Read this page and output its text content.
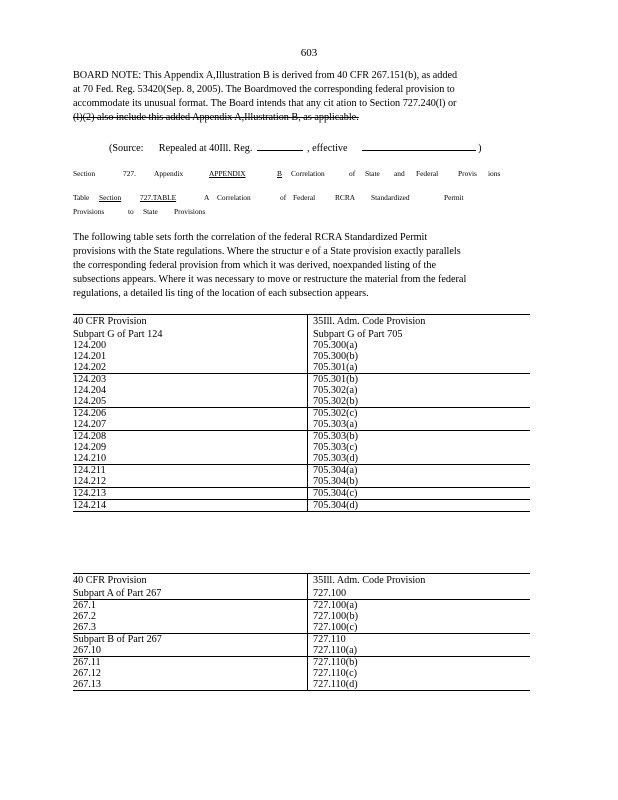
603
BOARD NOTE: This Appendix A,Illustration B is derived from 40 CFR 267.151(b), as added
at 70 Fed. Reg. 53420(Sep. 8, 2005). The Boardmoved the corresponding federal provision to
accommodate its unusual format. The Board intends that any cit ation to Section 727.240(l) or
(l)(2) also include this added Appendix A,Illustration B, as applicable.
(Source: Repealed at 40Ill. Reg.	, effective	)
Section	727. Appendix	APPENDIX	B Correlation	of State and Federal	Provis ions
Table Section	727.TABLE	A Correlation	of Federal	RCRA Standardized	Permit
Provisions	to State Provisions
The following table sets forth the correlation of the federal RCRA Standardized Permit
provisions with the State regulations. Where the structur e of a State provision exactly parallels
the corresponding federal provision from which it was derived, noexpanded listing of the
subsections appears. Where it was necessary to move or restructure the material from the federal
regulations, a detailed lis ting of the location of each subsection appears.
40 CFR Provision	35Ill. Adm. Code Provision
Subpart G of Part 124	Subpart G of Part 705
124.200	705.300(a)
124.201	705.300(b)
124.202	705.301(a)
124.203	705.301(b)
124.204	705.302(a)
124.205	705.302(b)
124.206	705.302(c)
124.207	705.303(a)
124.208	705.303(b)
124.209	705.303(c)
124.210	705.303(d)
124.211	705.304(a)
124.212	705.304(b)
124.213	705.304(c)
124.214	705.304(d)
40 CFR Provision	35Ill. Adm. Code Provision
Subpart A of Part 267	727.100
267.1	727.100(a)
267.2	727.100(b)
267.3	727.100(c)
Subpart B of Part 267	727.110
267.10	727.110(a)
267.11	727.110(b)
267.12	727.110(c)
267.13	727.110(d)
